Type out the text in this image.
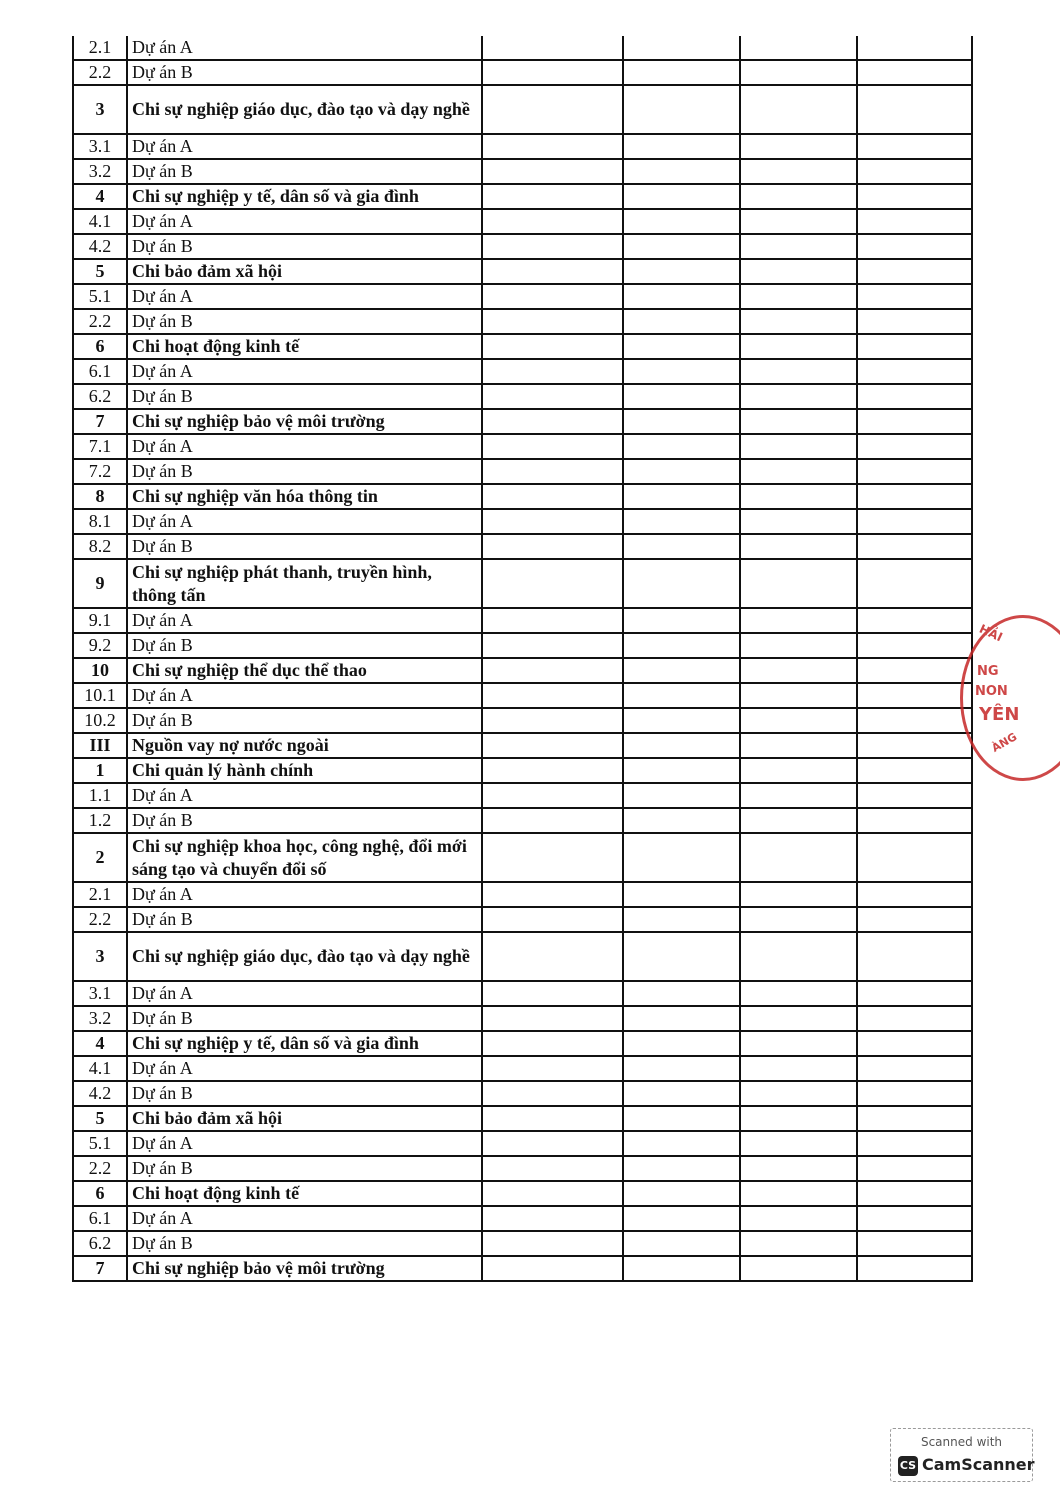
2.1	Dự án A				
2.2	Dự án B				
3	Chi sự nghiệp giáo dục, đào tạo và dạy nghề				
3.1	Dự án A				
3.2	Dự án B				
4	Chi sự nghiệp y tế, dân số và gia đình				
4.1	Dự án A				
4.2	Dự án B				
5	Chi bảo đảm xã hội				
5.1	Dự án A				
2.2	Dự án B				
6	Chi hoạt động kinh tế				
6.1	Dự án A				
6.2	Dự án B				
7	Chi sự nghiệp bảo vệ môi trường				
7.1	Dự án A				
7.2	Dự án B				
8	Chi sự nghiệp văn hóa thông tin				
8.1	Dự án A				
8.2	Dự án B				
9	Chi sự nghiệp phát thanh, truyền hình, thông tấn				
9.1	Dự án A				
9.2	Dự án B				
10	Chi sự nghiệp thể dục thể thao				
10.1	Dự án A				
10.2	Dự án B				
III	Nguồn vay nợ nước ngoài				
1	Chi quản lý hành chính				
1.1	Dự án A				
1.2	Dự án B				
2	Chi sự nghiệp khoa học, công nghệ, đổi mới sáng tạo và chuyển đổi số				
2.1	Dự án A				
2.2	Dự án B				
3	Chi sự nghiệp giáo dục, đào tạo và dạy nghề				
3.1	Dự án A				
3.2	Dự án B				
4	Chi sự nghiệp y tế, dân số và gia đình				
4.1	Dự án A				
4.2	Dự án B				
5	Chi bảo đảm xã hội				
5.1	Dự án A				
2.2	Dự án B				
6	Chi hoạt động kinh tế				
6.1	Dự án A				
6.2	Dự án B				
7	Chi sự nghiệp bảo vệ môi trường				
HẢI
NG
NON
YÊN
ÀNG
Scanned with
CS CamScanner
